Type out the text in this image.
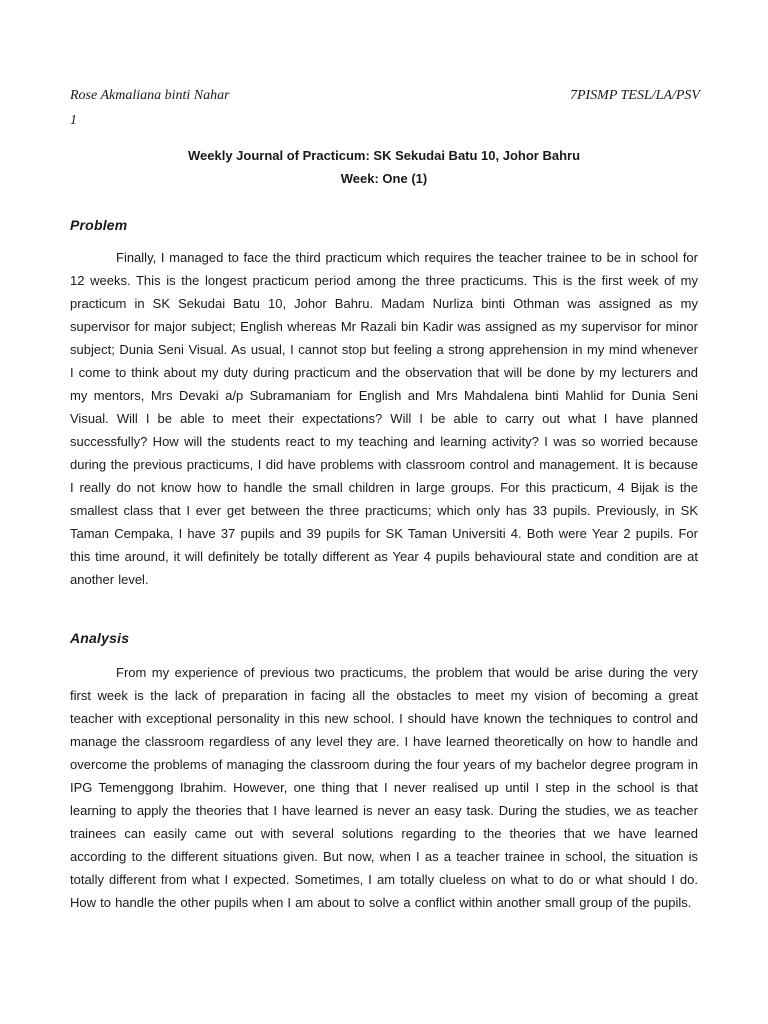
Rose Akmaliana binti Nahar	7PISMP TESL/LA/PSV
1
Weekly Journal of Practicum: SK Sekudai Batu 10, Johor Bahru
Week: One (1)
Problem

Finally, I managed to face the third practicum which requires the teacher trainee to be in school for 12 weeks. This is the longest practicum period among the three practicums. This is the first week of my practicum in SK Sekudai Batu 10, Johor Bahru. Madam Nurliza binti Othman was assigned as my supervisor for major subject; English whereas Mr Razali bin Kadir was assigned as my supervisor for minor subject; Dunia Seni Visual. As usual, I cannot stop but feeling a strong apprehension in my mind whenever I come to think about my duty during practicum and the observation that will be done by my lecturers and my mentors, Mrs Devaki a/p Subramaniam for English and Mrs Mahdalena binti Mahlid for Dunia Seni Visual. Will I be able to meet their expectations? Will I be able to carry out what I have planned successfully? How will the students react to my teaching and learning activity? I was so worried because during the previous practicums, I did have problems with classroom control and management. It is because I really do not know how to handle the small children in large groups. For this practicum, 4 Bijak is the smallest class that I ever get between the three practicums; which only has 33 pupils. Previously, in SK Taman Cempaka, I have 37 pupils and 39 pupils for SK Taman Universiti 4. Both were Year 2 pupils. For this time around, it will definitely be totally different as Year 4 pupils behavioural state and condition are at another level.

Analysis

From my experience of previous two practicums, the problem that would be arise during the very first week is the lack of preparation in facing all the obstacles to meet my vision of becoming a great teacher with exceptional personality in this new school. I should have known the techniques to control and manage the classroom regardless of any level they are. I have learned theoretically on how to handle and overcome the problems of managing the classroom during the four years of my bachelor degree program in IPG Temenggong Ibrahim. However, one thing that I never realised up until I step in the school is that learning to apply the theories that I have learned is never an easy task. During the studies, we as teacher trainees can easily came out with several solutions regarding to the theories that we have learned according to the different situations given. But now, when I as a teacher trainee in school, the situation is totally different from what I expected. Sometimes, I am totally clueless on what to do or what should I do. How to handle the other pupils when I am about to solve a conflict within another small group of the pupils.
